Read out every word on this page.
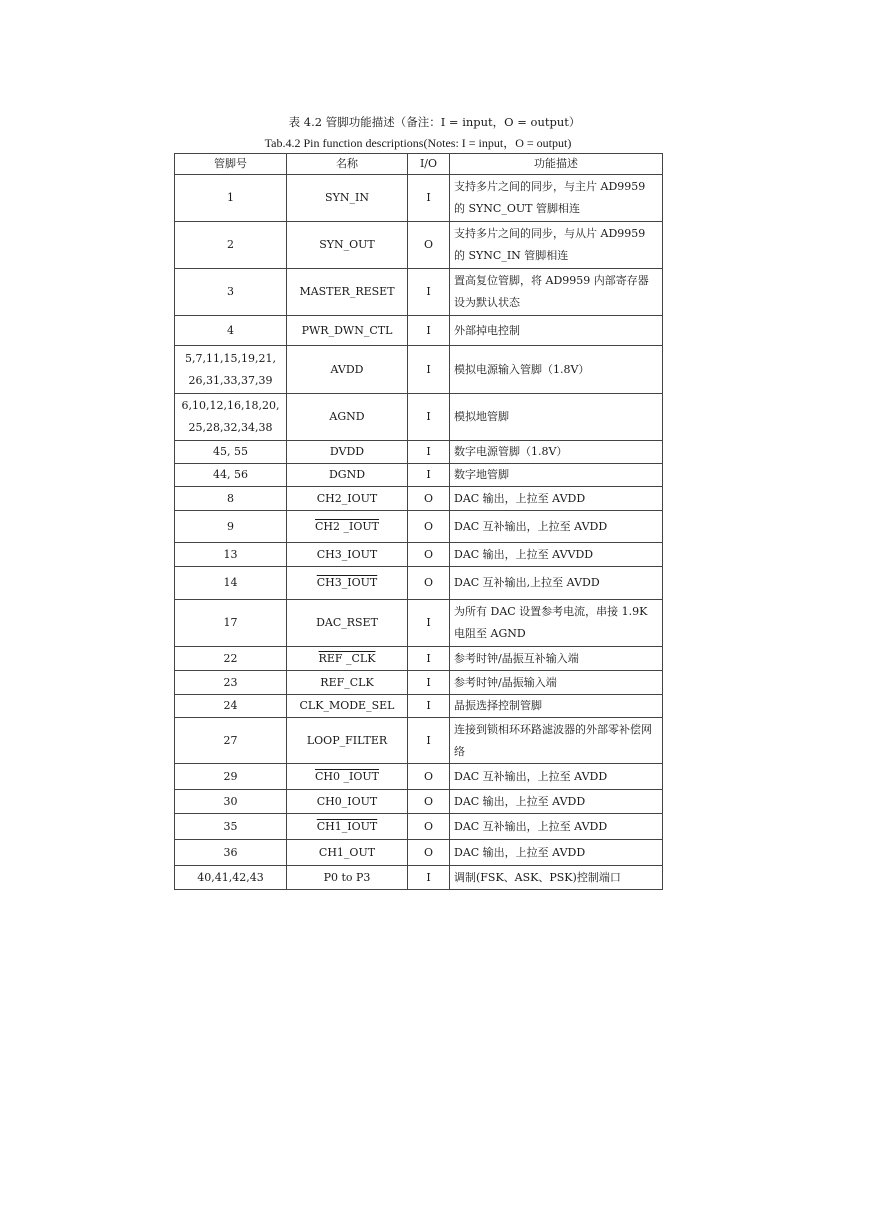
表 4.2 管脚功能描述（备注：I = input，O = output）
Tab.4.2 Pin function descriptions(Notes: I = input，O = output)
管脚号	名称	I/O	功能描述
1	SYN_IN	I	支持多片之间的同步，与主片 AD9959 的 SYNC_OUT 管脚相连
2	SYN_OUT	O	支持多片之间的同步，与从片 AD9959 的 SYNC_IN 管脚相连
3	MASTER_RESET	I	置高复位管脚，将 AD9959 内部寄存器设为默认状态
4	PWR_DWN_CTL	I	外部掉电控制
5,7,11,15,19,21, 26,31,33,37,39	AVDD	I	模拟电源输入管脚（1.8V）
6,10,12,16,18,20, 25,28,32,34,38	AGND	I	模拟地管脚
45, 55	DVDD	I	数字电源管脚（1.8V）
44, 56	DGND	I	数字地管脚
8	CH2_IOUT	O	DAC 输出，上拉至 AVDD
9	CH2 _IOUT	O	DAC 互补输出，上拉至 AVDD
13	CH3_IOUT	O	DAC 输出，上拉至 AVVDD
14	CH3_IOUT	O	DAC 互补输出,上拉至 AVDD
17	DAC_RSET	I	为所有 DAC 设置参考电流，串接 1.9K 电阻至 AGND
22	REF _CLK	I	参考时钟/晶振互补输入端
23	REF_CLK	I	参考时钟/晶振输入端
24	CLK_MODE_SEL	I	晶振选择控制管脚
27	LOOP_FILTER	I	连接到锁相环环路滤波器的外部零补偿网络
29	CH0 _IOUT	O	DAC 互补输出，上拉至 AVDD
30	CH0_IOUT	O	DAC 输出，上拉至 AVDD
35	CH1_IOUT	O	DAC 互补输出，上拉至 AVDD
36	CH1_OUT	O	DAC 输出，上拉至 AVDD
40,41,42,43	P0 to P3	I	调制(FSK、ASK、PSK)控制端口
